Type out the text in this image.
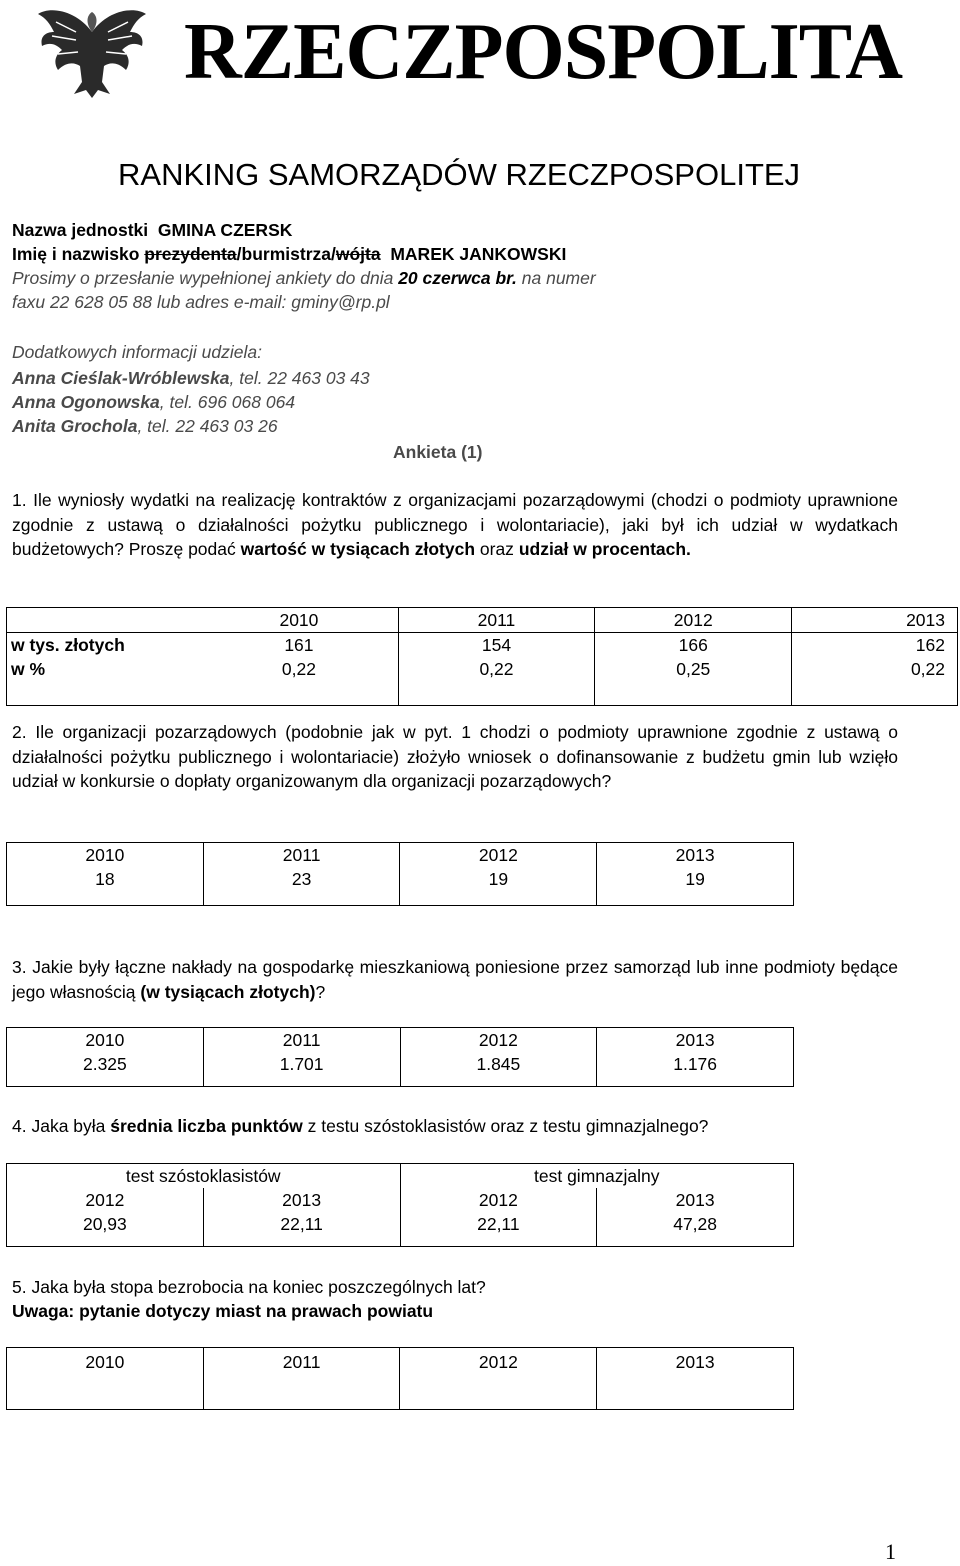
RZECZPOSPOLITA
RANKING SAMORZĄDÓW RZECZPOSPOLITEJ
Nazwa jednostki GMINA CZERSK
Imię i nazwisko prezydenta/burmistrza/wójta MAREK JANKOWSKI
Prosimy o przesłanie wypełnionej ankiety do dnia 20 czerwca br. na numer
faxu 22 628 05 88 lub adres e-mail: gminy@rp.pl
Dodatkowych informacji udziela:
Anna Cieślak-Wróblewska, tel. 22 463 03 43
Anna Ogonowska, tel. 696 068 064
Anita Grochola, tel. 22 463 03 26
Ankieta (1)
1. Ile wyniosły wydatki na realizację kontraktów z organizacjami pozarządowymi (chodzi o podmioty uprawnione zgodnie z ustawą o działalności pożytku publicznego i wolontariacie), jaki był ich udział w wydatkach budżetowych? Proszę podać wartość w tysiącach złotych oraz udział w procentach.
	2010	2011	2012	2013
w tys. złotych	161	154	166	162
w %	0,22	0,22	0,25	0,22
2. Ile organizacji pozarządowych (podobnie jak w pyt. 1 chodzi o podmioty uprawnione zgodnie z ustawą o działalności pożytku publicznego i wolontariacie) złożyło wniosek o dofinansowanie z budżetu gmin lub wzięło udział w konkursie o dopłaty organizowanym dla organizacji pozarządowych?
2010	2011	2012	2013
18	23	19	19
3. Jakie były łączne nakłady na gospodarkę mieszkaniową poniesione przez samorząd lub inne podmioty będące jego własnością (w tysiącach złotych)?
2010	2011	2012	2013
2.325	1.701	1.845	1.176
4. Jaka była średnia liczba punktów z testu szóstoklasistów oraz z testu gimnazjalnego?
test szóstoklasistów		test gimnazjalny	
2012	2013	2012	2013
20,93	22,11	22,11	47,28
5. Jaka była stopa bezrobocia na koniec poszczególnych lat?
Uwaga: pytanie dotyczy miast na prawach powiatu
2010	2011	2012	2013
1
